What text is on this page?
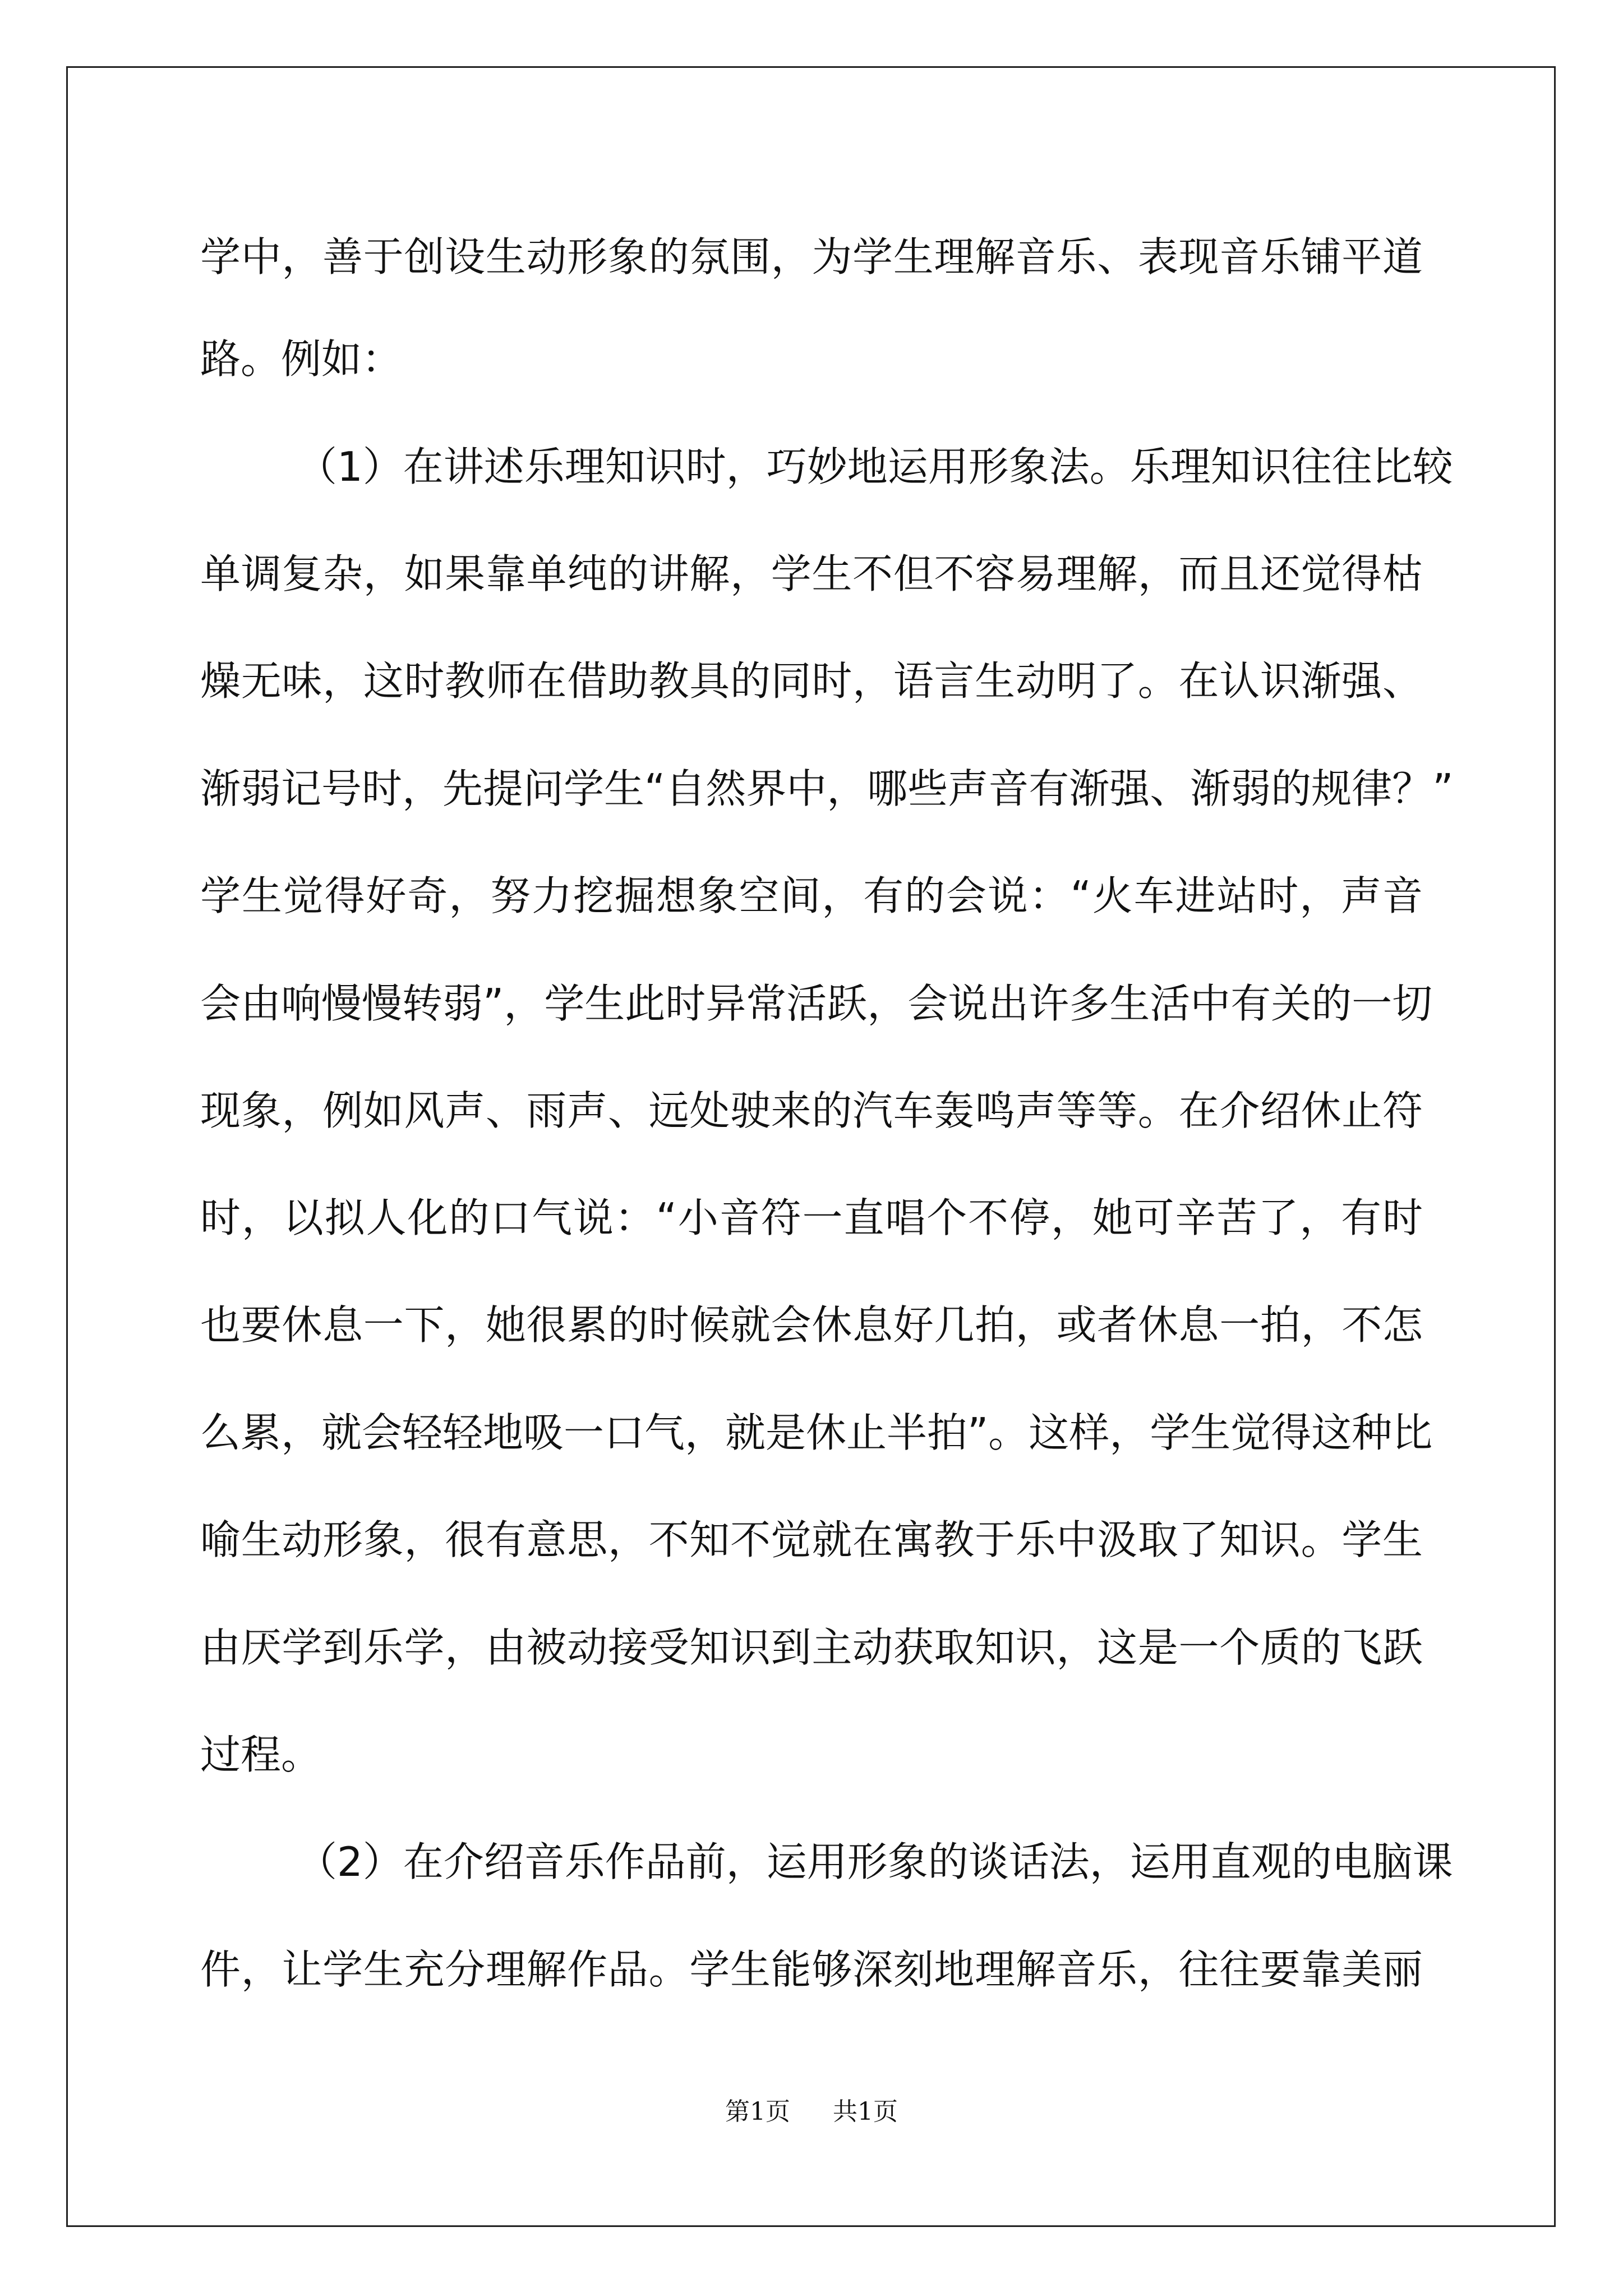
学中，善于创设生动形象的氛围，为学生理解音乐、表现音乐铺平道
路。例如：
（1）在讲述乐理知识时，巧妙地运用形象法。乐理知识往往比较
单调复杂，如果靠单纯的讲解，学生不但不容易理解，而且还觉得枯
燥无味，这时教师在借助教具的同时，语言生动明了。在认识渐强、
渐弱记号时，先提问学生“自然界中，哪些声音有渐强、渐弱的规律？”
学生觉得好奇，努力挖掘想象空间，有的会说：“火车进站时，声音
会由响慢慢转弱”，学生此时异常活跃，会说出许多生活中有关的一切
现象，例如风声、雨声、远处驶来的汽车轰鸣声等等。在介绍休止符
时，以拟人化的口气说：“小音符一直唱个不停，她可辛苦了，有时
也要休息一下，她很累的时候就会休息好几拍，或者休息一拍，不怎
么累，就会轻轻地吸一口气，就是休止半拍”。这样，学生觉得这种比
喻生动形象，很有意思，不知不觉就在寓教于乐中汲取了知识。学生
由厌学到乐学，由被动接受知识到主动获取知识，这是一个质的飞跃
过程。
（2）在介绍音乐作品前，运用形象的谈话法，运用直观的电脑课
件，让学生充分理解作品。学生能够深刻地理解音乐，往往要靠美丽
第1页 共1页
